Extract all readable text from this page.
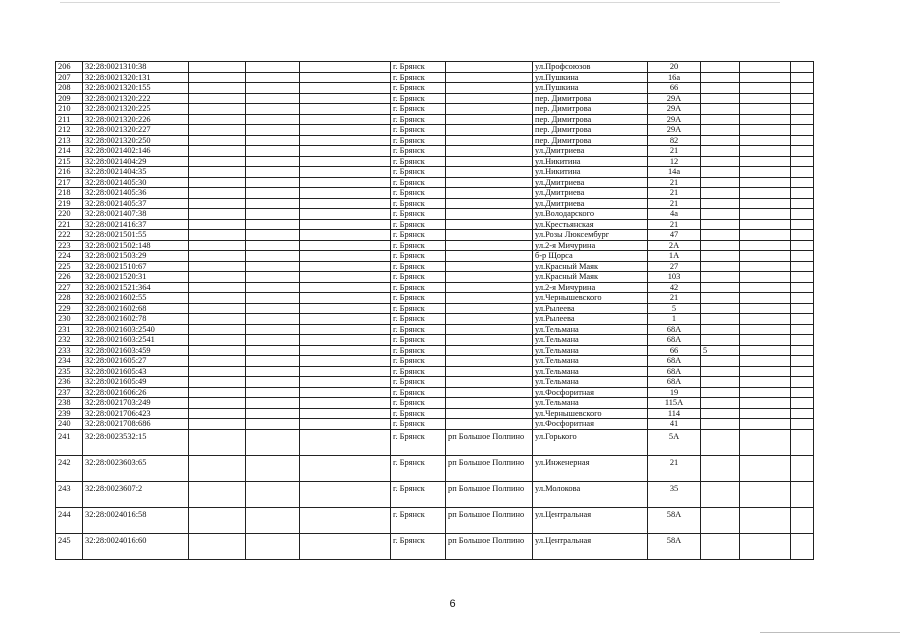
206	32:28:0021310:38				г. Брянск		ул.Профсоюзов	20			
207	32:28:0021320:131				г. Брянск		ул.Пушкина	16а			
208	32:28:0021320:155				г. Брянск		ул.Пушкина	66			
209	32:28:0021320:222				г. Брянск		пер. Димитрова	29А			
210	32:28:0021320:225				г. Брянск		пер. Димитрова	29А			
211	32:28:0021320:226				г. Брянск		пер. Димитрова	29А			
212	32:28:0021320:227				г. Брянск		пер. Димитрова	29А			
213	32:28:0021320:250				г. Брянск		пер. Димитрова	82			
214	32:28:0021402:146				г. Брянск		ул.Дмитриева	21			
215	32:28:0021404:29				г. Брянск		ул.Никитина	12			
216	32:28:0021404:35				г. Брянск		ул.Никитина	14а			
217	32:28:0021405:30				г. Брянск		ул.Дмитриева	21			
218	32:28:0021405:36				г. Брянск		ул.Дмитриева	21			
219	32:28:0021405:37				г. Брянск		ул.Дмитриева	21			
220	32:28:0021407:38				г. Брянск		ул.Володарского	4а			
221	32:28:0021416:37				г. Брянск		ул.Крестьянская	21			
222	32:28:0021501:55				г. Брянск		ул.Розы Люксембург	47			
223	32:28:0021502:148				г. Брянск		ул.2-я Мичурина	2А			
224	32:28:0021503:29				г. Брянск		б-р Щорса	1А			
225	32:28:0021510:67				г. Брянск		ул.Красный Маяк	27			
226	32:28:0021520:31				г. Брянск		ул.Красный Маяк	103			
227	32:28:0021521:364				г. Брянск		ул.2-я Мичурина	42			
228	32:28:0021602:55				г. Брянск		ул.Чернышевского	21			
229	32:28:0021602:68				г. Брянск		ул.Рылеева	5			
230	32:28:0021602:78				г. Брянск		ул.Рылеева	1			
231	32:28:0021603:2540				г. Брянск		ул.Тельмана	68А			
232	32:28:0021603:2541				г. Брянск		ул.Тельмана	68А			
233	32:28:0021603:459				г. Брянск		ул.Тельмана	66	5		
234	32:28:0021605:27				г. Брянск		ул.Тельмана	68А			
235	32:28:0021605:43				г. Брянск		ул.Тельмана	68А			
236	32:28:0021605:49				г. Брянск		ул.Тельмана	68А			
237	32:28:0021606:26				г. Брянск		ул.Фосфоритная	19			
238	32:28:0021703:249				г. Брянск		ул.Тельмана	115А			
239	32:28:0021706:423				г. Брянск		ул.Чернышевского	114			
240	32:28:0021708:686				г. Брянск		ул.Фосфоритная	41			
241	32:28:0023532:15				г. Брянск	рп Большое Полпино	ул.Горького	5А			
242	32:28:0023603:65				г. Брянск	рп Большое Полпино	ул.Инженерная	21			
243	32:28:0023607:2				г. Брянск	рп Большое Полпино	ул.Молокова	35			
244	32:28:0024016:58				г. Брянск	рп Большое Полпино	ул.Центральная	58А			
245	32:28:0024016:60				г. Брянск	рп Большое Полпино	ул.Центральная	58А			
6
